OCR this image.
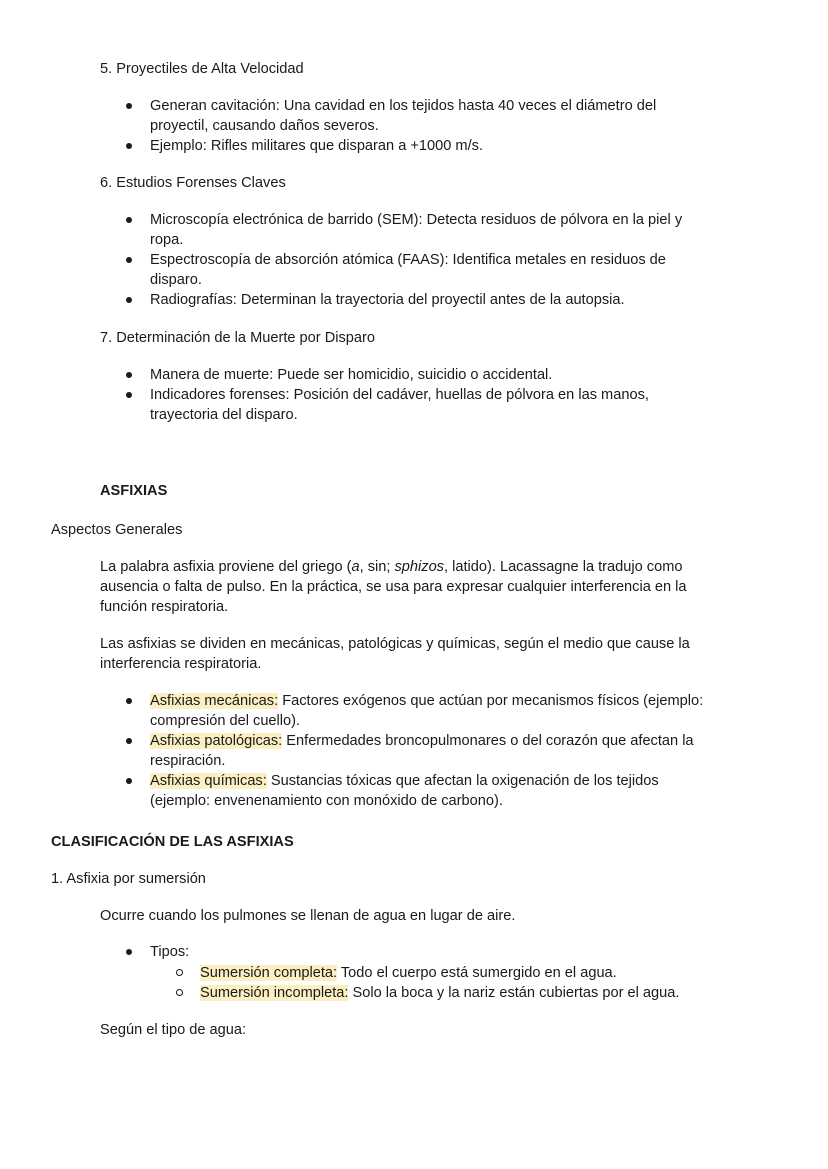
5. Proyectiles de Alta Velocidad
Generan cavitación: Una cavidad en los tejidos hasta 40 veces el diámetro del proyectil, causando daños severos.
Ejemplo: Rifles militares que disparan a +1000 m/s.
6. Estudios Forenses Claves
Microscopía electrónica de barrido (SEM): Detecta residuos de pólvora en la piel y ropa.
Espectroscopía de absorción atómica (FAAS): Identifica metales en residuos de disparo.
Radiografías: Determinan la trayectoria del proyectil antes de la autopsia.
7. Determinación de la Muerte por Disparo
Manera de muerte: Puede ser homicidio, suicidio o accidental.
Indicadores forenses: Posición del cadáver, huellas de pólvora en las manos, trayectoria del disparo.
ASFIXIAS
Aspectos Generales
La palabra asfixia proviene del griego (a, sin; sphizos, latido). Lacassagne la tradujo como ausencia o falta de pulso. En la práctica, se usa para expresar cualquier interferencia en la función respiratoria.
Las asfixias se dividen en mecánicas, patológicas y químicas, según el medio que cause la interferencia respiratoria.
Asfixias mecánicas: Factores exógenos que actúan por mecanismos físicos (ejemplo: compresión del cuello).
Asfixias patológicas: Enfermedades broncopulmonares o del corazón que afectan la respiración.
Asfixias químicas: Sustancias tóxicas que afectan la oxigenación de los tejidos (ejemplo: envenenamiento con monóxido de carbono).
CLASIFICACIÓN DE LAS ASFIXIAS
1. Asfixia por sumersión
Ocurre cuando los pulmones se llenan de agua en lugar de aire.
Tipos:
Sumersión completa: Todo el cuerpo está sumergido en el agua.
Sumersión incompleta: Solo la boca y la nariz están cubiertas por el agua.
Según el tipo de agua:
